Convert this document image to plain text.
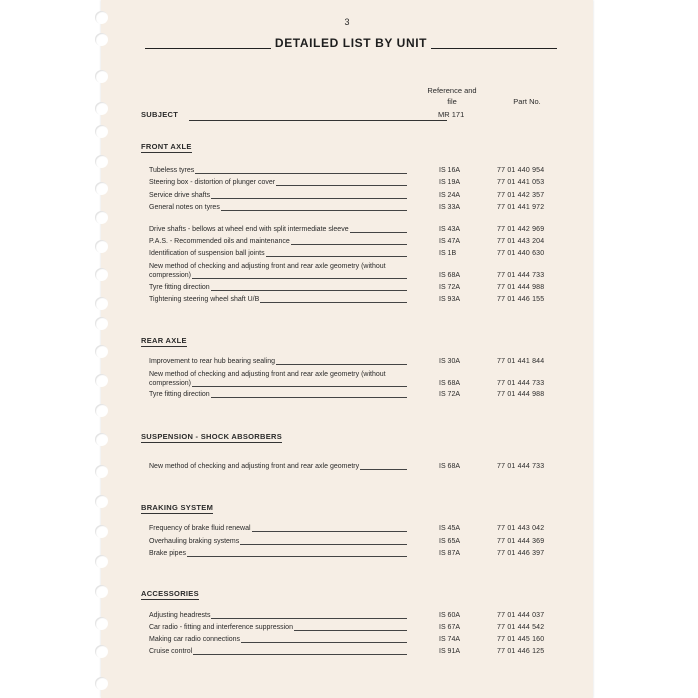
3
DETAILED LIST BY UNIT
Reference and file	Part No.
SUBJECT	MR 171
FRONT AXLE
Tubeless tyres	IS 16A	77 01 440 954
Steering box - distortion of plunger cover	IS 19A	77 01 441 053
Service drive shafts	IS 24A	77 01 442 357
General notes on tyres	IS 33A	77 01 441 972
Drive shafts - bellows at wheel end with split intermediate sleeve	IS 43A	77 01 442 969
P.A.S. - Recommended oils and maintenance	IS 47A	77 01 443 204
Identification of suspension ball joints	IS 1B	77 01 440 630
New method of checking and adjusting front and rear axle geometry (without compression)	IS 68A	77 01 444 733
Tyre fitting direction	IS 72A	77 01 444 988
Tightening steering wheel shaft U/B	IS 93A	77 01 446 155
REAR AXLE
Improvement to rear hub bearing sealing	IS 30A	77 01 441 844
New method of checking and adjusting front and rear axle geometry (without compression)	IS 68A	77 01 444 733
Tyre fitting direction	IS 72A	77 01 444 988
SUSPENSION - SHOCK ABSORBERS
New method of checking and adjusting front and rear axle geometry	IS 68A	77 01 444 733
BRAKING SYSTEM
Frequency of brake fluid renewal	IS 45A	77 01 443 042
Overhauling braking systems	IS 65A	77 01 444 369
Brake pipes	IS 87A	77 01 446 397
ACCESSORIES
Adjusting headrests	IS 60A	77 01 444 037
Car radio - fitting and interference suppression	IS 67A	77 01 444 542
Making car radio connections	IS 74A	77 01 445 160
Cruise control	IS 91A	77 01 446 125
